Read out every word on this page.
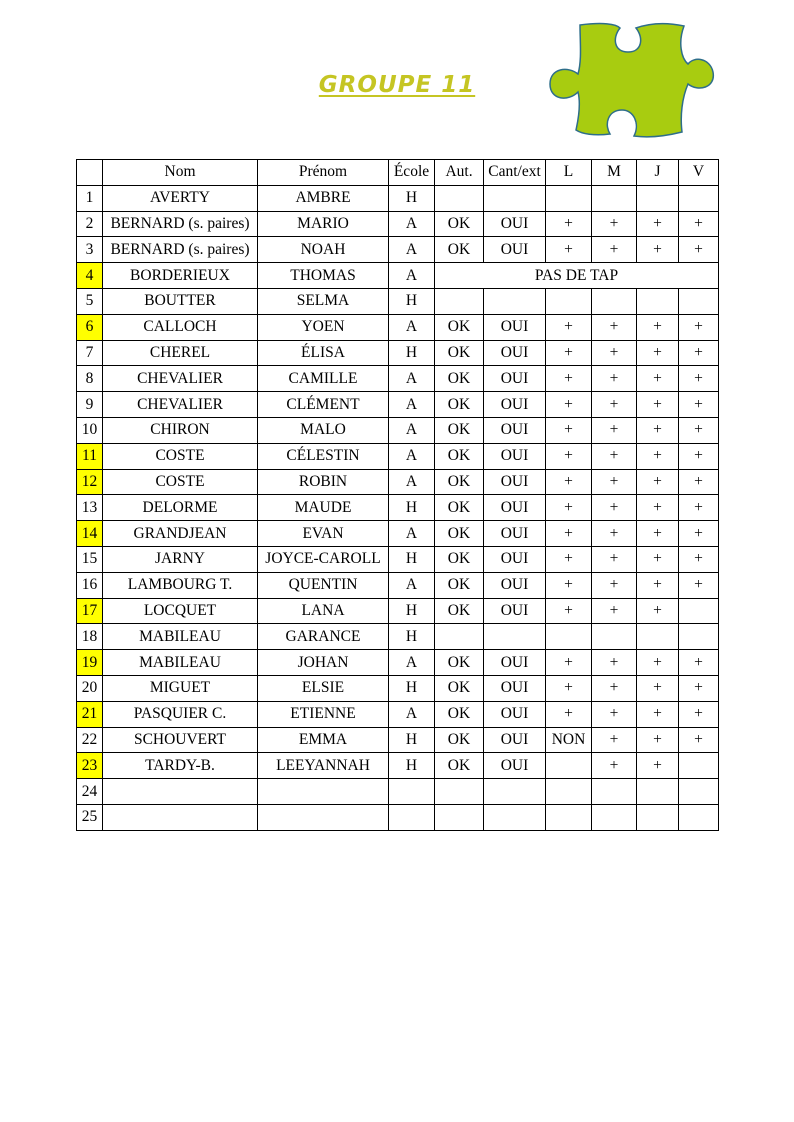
GROUPE 11
	Nom	Prénom	École	Aut.	Cant/ext	L	M	J	V
1	AVERTY	AMBRE	H						
2	BERNARD (s. paires)	MARIO	A	OK	OUI	+	+	+	+
3	BERNARD (s. paires)	NOAH	A	OK	OUI	+	+	+	+
4	BORDERIEUX	THOMAS	A	PAS DE TAP					
5	BOUTTER	SELMA	H						
6	CALLOCH	YOEN	A	OK	OUI	+	+	+	+
7	CHEREL	ÉLISA	H	OK	OUI	+	+	+	+
8	CHEVALIER	CAMILLE	A	OK	OUI	+	+	+	+
9	CHEVALIER	CLÉMENT	A	OK	OUI	+	+	+	+
10	CHIRON	MALO	A	OK	OUI	+	+	+	+
11	COSTE	CÉLESTIN	A	OK	OUI	+	+	+	+
12	COSTE	ROBIN	A	OK	OUI	+	+	+	+
13	DELORME	MAUDE	H	OK	OUI	+	+	+	+
14	GRANDJEAN	EVAN	A	OK	OUI	+	+	+	+
15	JARNY	JOYCE-CAROLL	H	OK	OUI	+	+	+	+
16	LAMBOURG T.	QUENTIN	A	OK	OUI	+	+	+	+
17	LOCQUET	LANA	H	OK	OUI	+	+	+	
18	MABILEAU	GARANCE	H						
19	MABILEAU	JOHAN	A	OK	OUI	+	+	+	+
20	MIGUET	ELSIE	H	OK	OUI	+	+	+	+
21	PASQUIER C.	ETIENNE	A	OK	OUI	+	+	+	+
22	SCHOUVERT	EMMA	H	OK	OUI	NON	+	+	+
23	TARDY-B.	LEEYANNAH	H	OK	OUI		+	+	
24									
25									
